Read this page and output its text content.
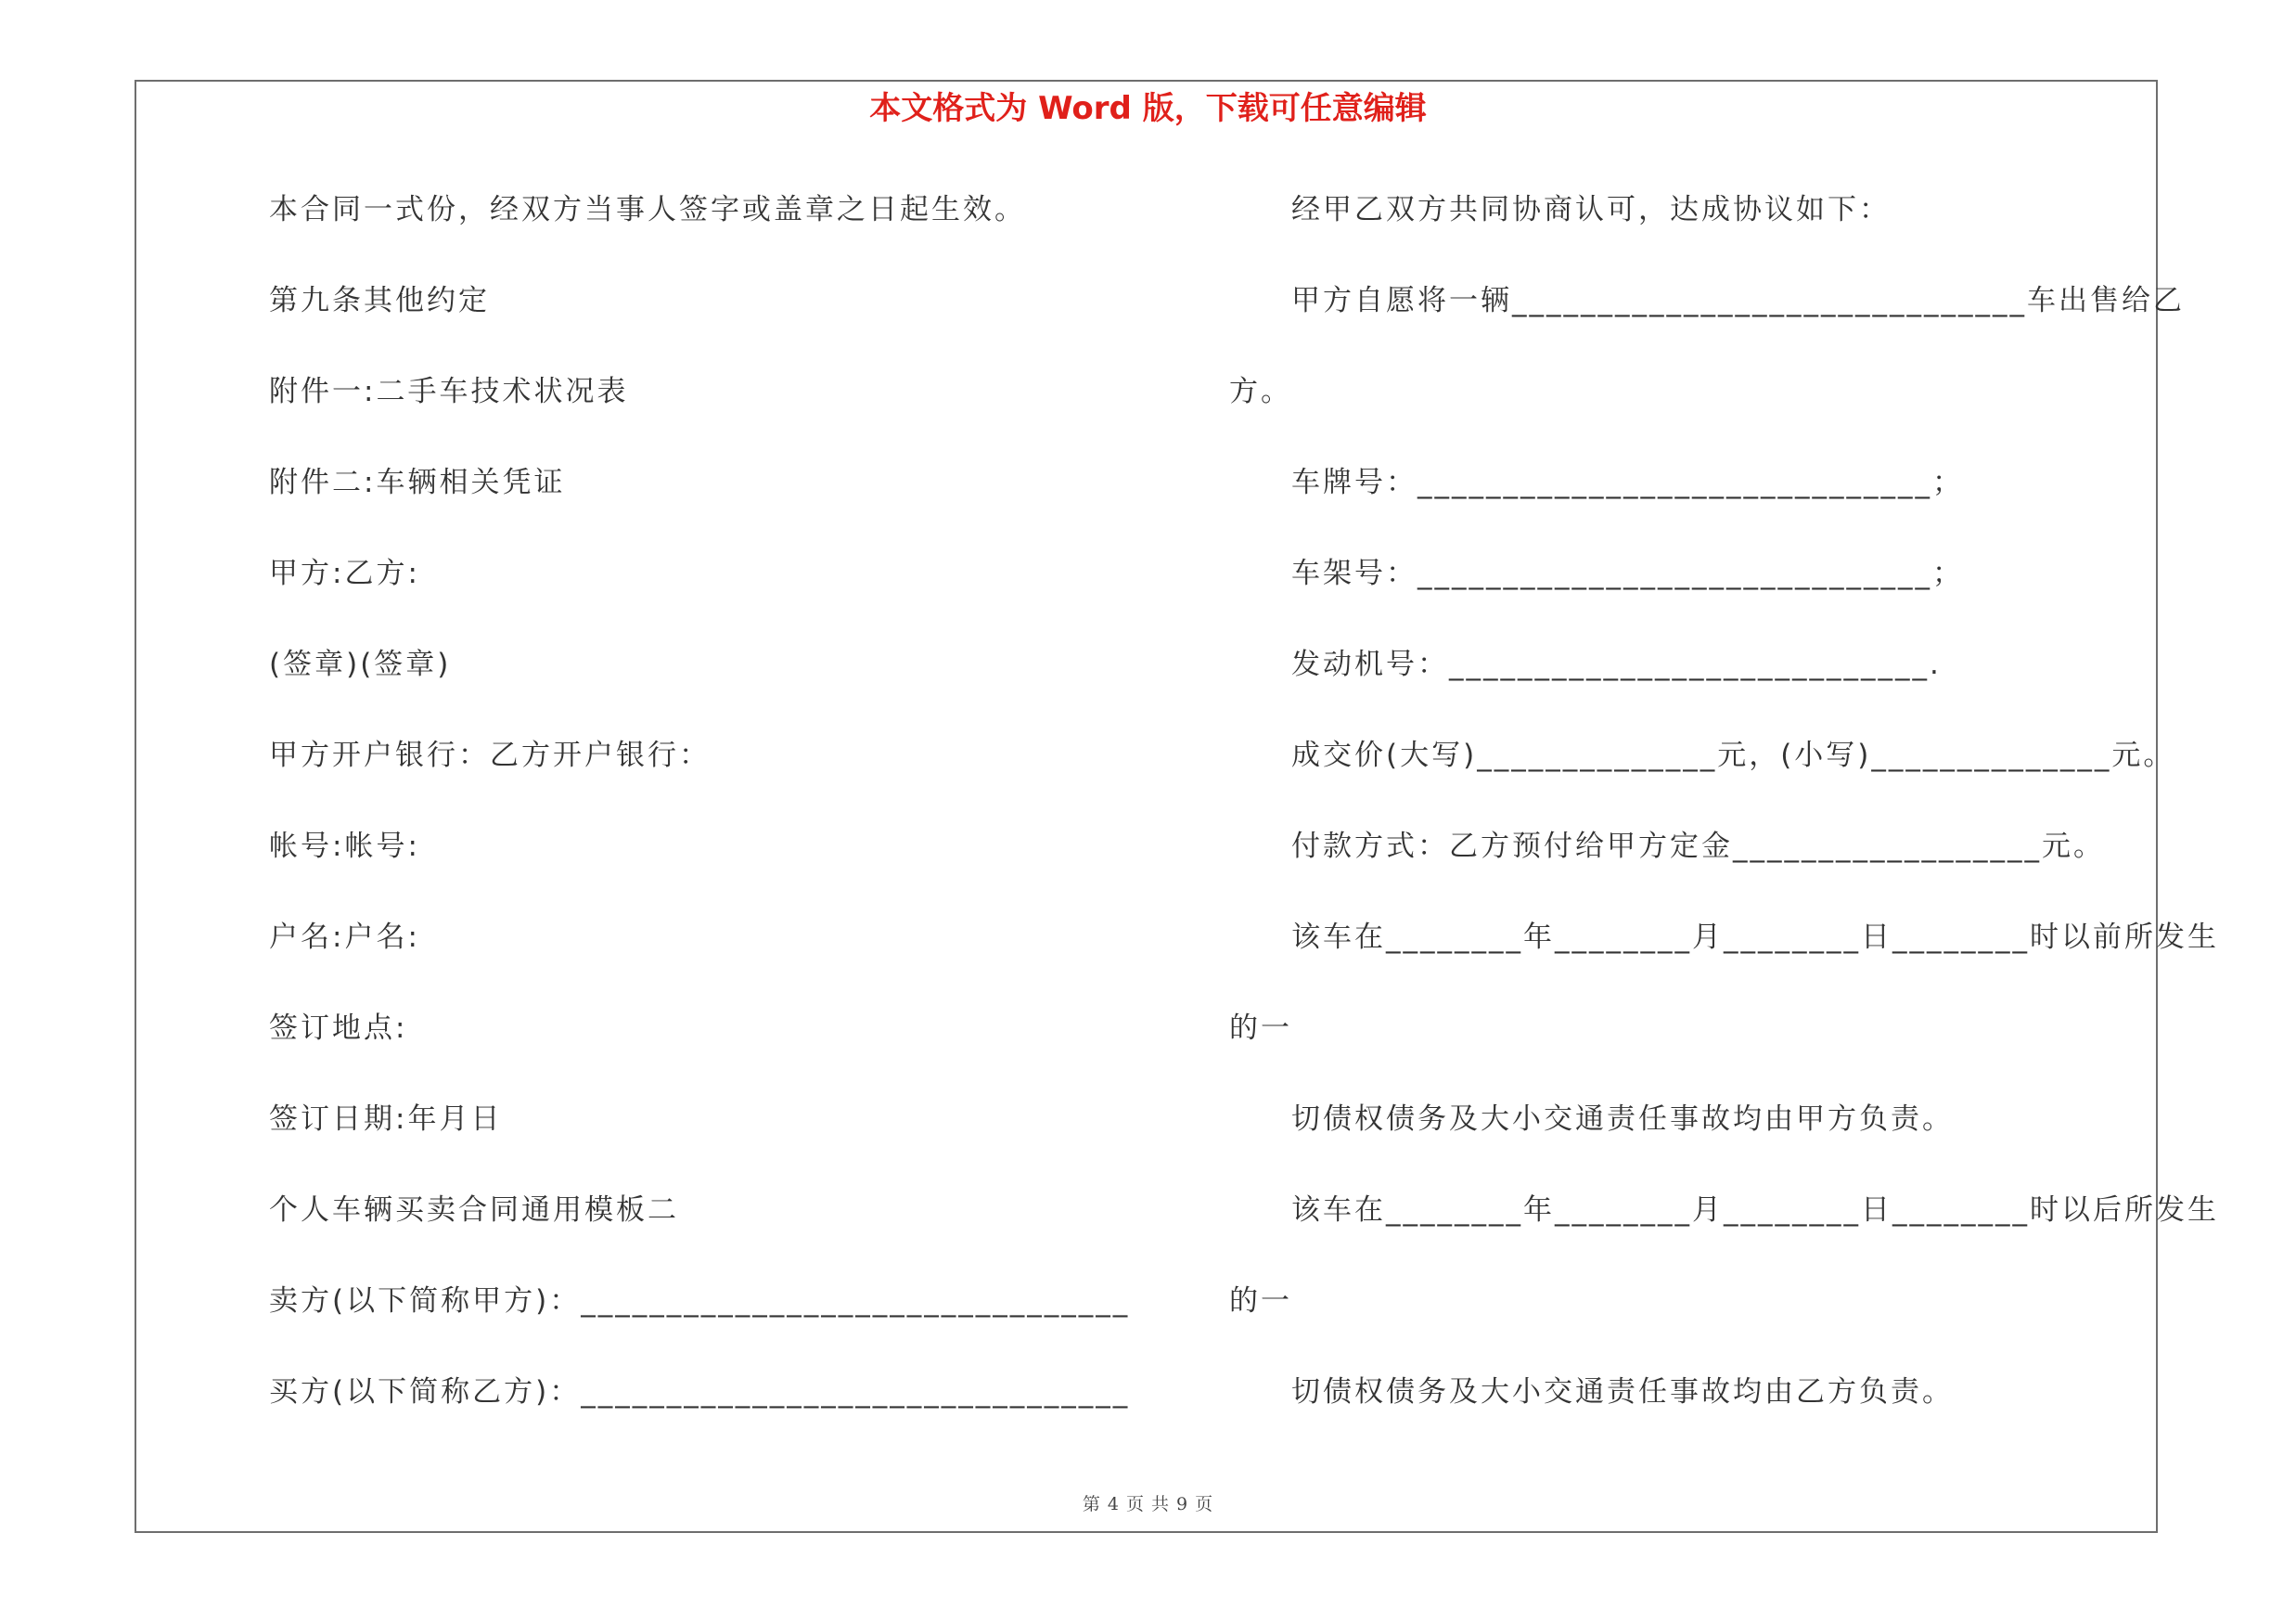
本文格式为 Word 版，下载可任意编辑
本合同一式份，经双方当事人签字或盖章之日起生效。
第九条其他约定
附件一:二手车技术状况表
附件二:车辆相关凭证
甲方:乙方:
(签章)(签章)
甲方开户银行：乙方开户银行：
帐号:帐号:
户名:户名:
签订地点:
签订日期:年月日
个人车辆买卖合同通用模板二
卖方(以下简称甲方)：________________________________
买方(以下简称乙方)：________________________________
经甲乙双方共同协商认可，达成协议如下：
甲方自愿将一辆______________________________车出售给乙
方。
车牌号：______________________________；
车架号：______________________________；
发动机号：____________________________.
成交价(大写)______________元，(小写)______________元。
付款方式：乙方预付给甲方定金__________________元。
该车在________年________月________日________时以前所发生
的一
切债权债务及大小交通责任事故均由甲方负责。
该车在________年________月________日________时以后所发生
的一
切债权债务及大小交通责任事故均由乙方负责。
第 4 页 共 9 页
